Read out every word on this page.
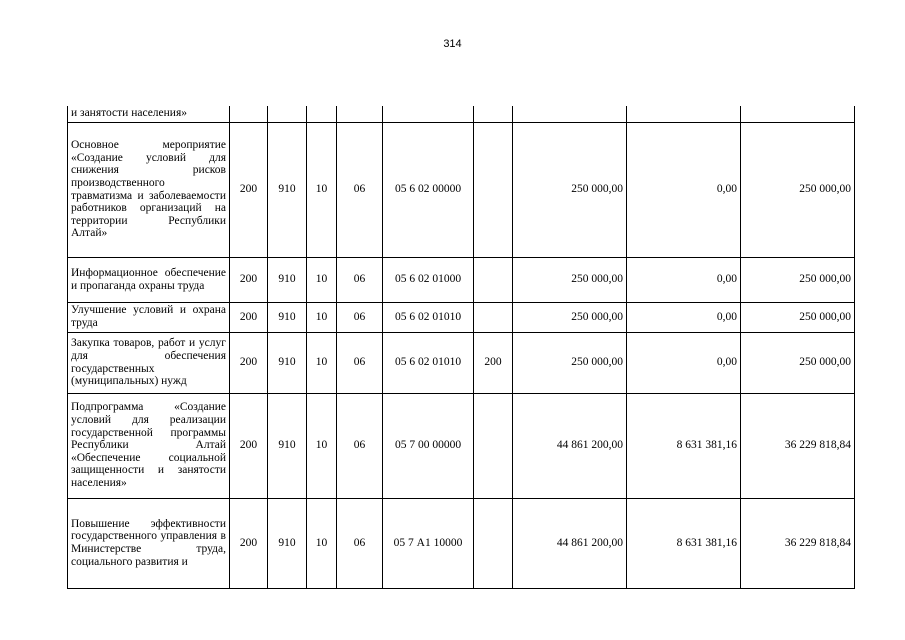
314
и занятости населения»									
Основное мероприятие «Создание условий для снижения рисков производственного травматизма и заболеваемости работников организаций на территории Республики Алтай»	200	910	10	06	05 6 02 00000		250 000,00	0,00	250 000,00
Информационное обеспечение и пропаганда охраны труда	200	910	10	06	05 6 02 01000		250 000,00	0,00	250 000,00
Улучшение условий и охрана труда	200	910	10	06	05 6 02 01010		250 000,00	0,00	250 000,00
Закупка товаров, работ и услуг для обеспечения государственных (муниципальных) нужд	200	910	10	06	05 6 02 01010	200	250 000,00	0,00	250 000,00
Подпрограмма «Создание условий для реализации государственной программы Республики Алтай «Обеспечение социальной защищенности и занятости населения»	200	910	10	06	05 7 00 00000		44 861 200,00	8 631 381,16	36 229 818,84
Повышение эффективности государственного управления в Министерстве труда, социального развития и	200	910	10	06	05 7 А1 10000		44 861 200,00	8 631 381,16	36 229 818,84
